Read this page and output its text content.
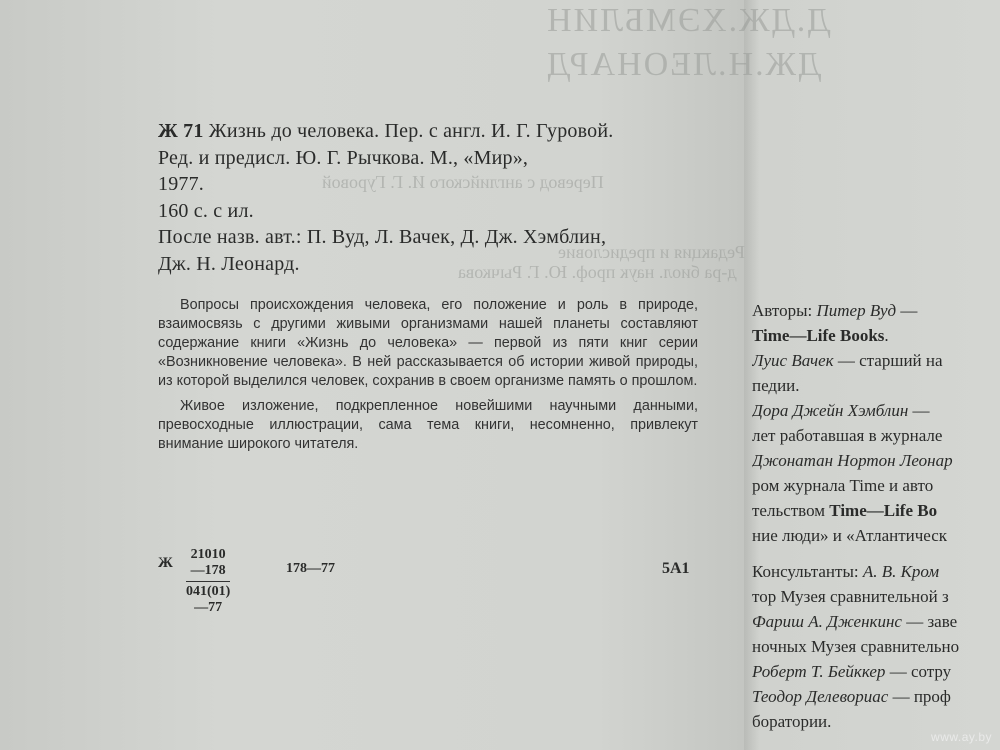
Д.ДЖ.ХЭМБЛИН
ДЖ.Н.ЛЕОНАРД
Перевод с английского И. Г. Гуровой
Редакция и предисловие
д-ра биол. наук проф. Ю. Г. Рычкова
Ж 71 Жизнь до человека. Пер. с англ. И. Г. Гуровой.
Ред. и предисл. Ю. Г. Рычкова. М., «Мир»,
1977.
160 с. с ил.
После назв. авт.: П. Вуд, Л. Вачек, Д. Дж. Хэмблин,
Дж. Н. Леонард.

Вопросы происхождения человека, его положение и роль в природе, взаимосвязь с другими живыми организмами нашей планеты составляют содержание книги «Жизнь до человека» — первой из пяти книг серии «Возникновение человека». В ней рассказывается об истории живой природы, из которой выделился человек, сохранив в своем организме память о прошлом.

Живое изложение, подкрепленное новейшими научными данными, превосходные иллюстрации, сама тема книги, несомненно, привлекут внимание широкого читателя.

Ж $\frac{21010—178}{041(01)—77}$	178—77	5А1
Авторы: Питер Вуд —
Time—Life Books.
Луис Вачек — старший на
педии.
Дора Джейн Хэмблин —
лет работавшая в журнале
Джонатан Нортон Леонар
ром журнала Time и авто
тельством Time—Life Bo
ние люди» и «Атлантическ
Консультанты: А. В. Кром
тор Музея сравнительной з
Фариш А. Дженкинс — заве
ночных Музея сравнительно
Роберт Т. Бейккер — сотру
Теодор Делевориас — проф
боратории.
www.ay.by
